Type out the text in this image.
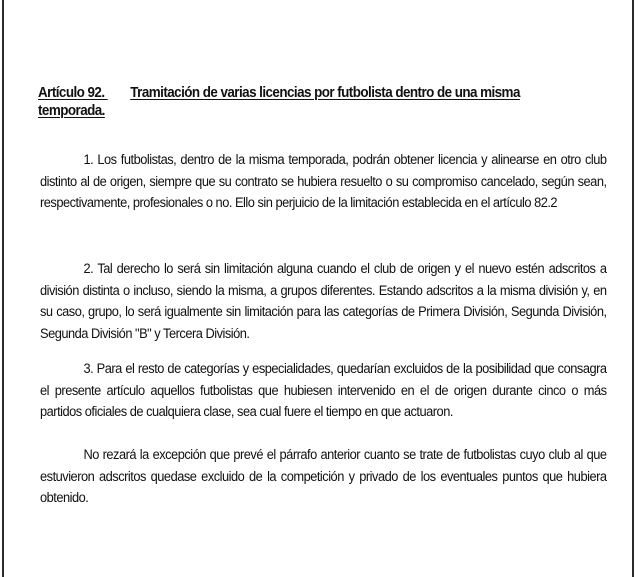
Artículo 92. Tramitación de varias licencias por futbolista dentro de una misma temporada.
1. Los futbolistas, dentro de la misma temporada, podrán obtener licencia y alinearse en otro club distinto al de origen, siempre que su contrato se hubiera resuelto o su compromiso cancelado, según sean, respectivamente, profesionales o no. Ello sin perjuicio de la limitación establecida en el artículo 82.2
2. Tal derecho lo será sin limitación alguna cuando el club de origen y el nuevo estén adscritos a división distinta o incluso, siendo la misma, a grupos diferentes. Estando adscritos a la misma división y, en su caso, grupo, lo será igualmente sin limitación para las categorías de Primera División, Segunda División, Segunda División "B" y Tercera División.
3. Para el resto de categorías y especialidades, quedarían excluidos de la posibilidad que consagra el presente artículo aquellos futbolistas que hubiesen intervenido en el de origen durante cinco o más partidos oficiales de cualquiera clase, sea cual fuere el tiempo en que actuaron.
No rezará la excepción que prevé el párrafo anterior cuanto se trate de futbolistas cuyo club al que estuvieron adscritos quedase excluido de la competición y privado de los eventuales puntos que hubiera obtenido.
